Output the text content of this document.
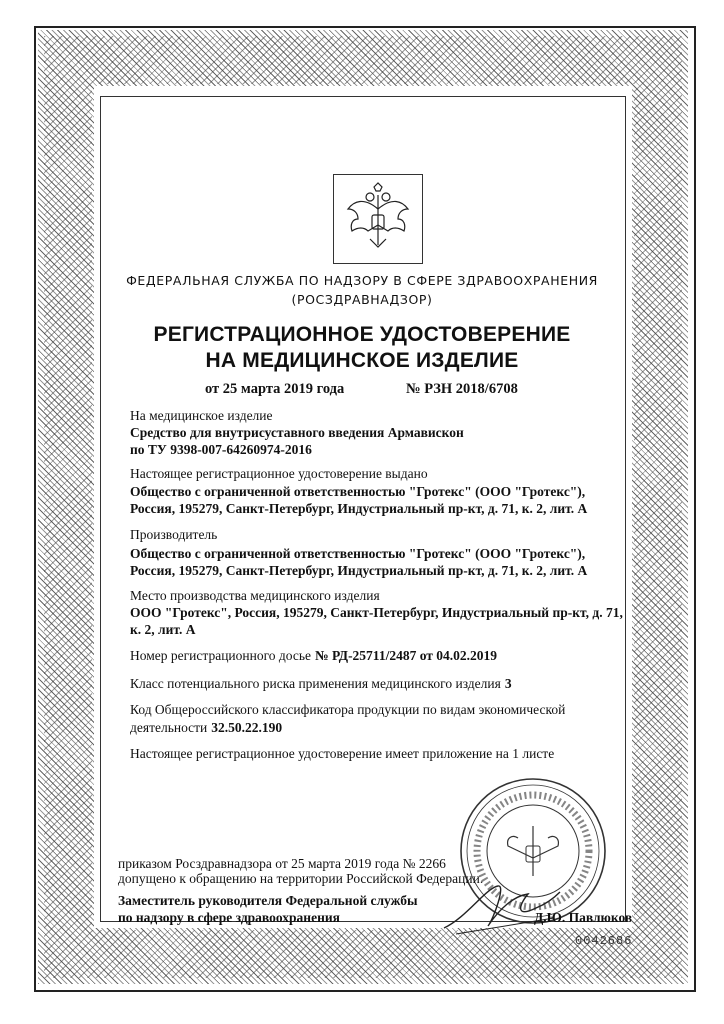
ФЕДЕРАЛЬНАЯ СЛУЖБА ПО НАДЗОРУ В СФЕРЕ ЗДРАВООХРАНЕНИЯ
(РОСЗДРАВНАДЗОР)
РЕГИСТРАЦИОННОЕ УДОСТОВЕРЕНИЕ
НА МЕДИЦИНСКОЕ ИЗДЕЛИЕ
от 25 марта 2019 года	№ РЗН 2018/6708
На медицинское изделие
Средство для внутрисуставного введения Армавискон
по ТУ 9398-007-64260974-2016
Настоящее регистрационное удостоверение выдано
Общество с ограниченной ответственностью "Гротекс" (ООО "Гротекс"),
Россия, 195279, Санкт-Петербург, Индустриальный пр-кт, д. 71, к. 2, лит. А
Производитель
Общество с ограниченной ответственностью "Гротекс" (ООО "Гротекс"),
Россия, 195279, Санкт-Петербург, Индустриальный пр-кт, д. 71, к. 2, лит. А
Место производства медицинского изделия
ООО "Гротекс", Россия, 195279, Санкт-Петербург, Индустриальный пр-кт, д. 71,
к. 2, лит. А
Номер регистрационного досье № РД-25711/2487 от 04.02.2019
Класс потенциального риска применения медицинского изделия 3
Код Общероссийского классификатора продукции по видам экономической
деятельности 32.50.22.190
Настоящее регистрационное удостоверение имеет приложение на 1 листе
приказом Росздравнадзора от 25 марта 2019 года № 2266
допущено к обращению на территории Российской Федерации.
Заместитель руководителя Федеральной службы
по надзору в сфере здравоохранения	Д.Ю. Павлюков
0042686
